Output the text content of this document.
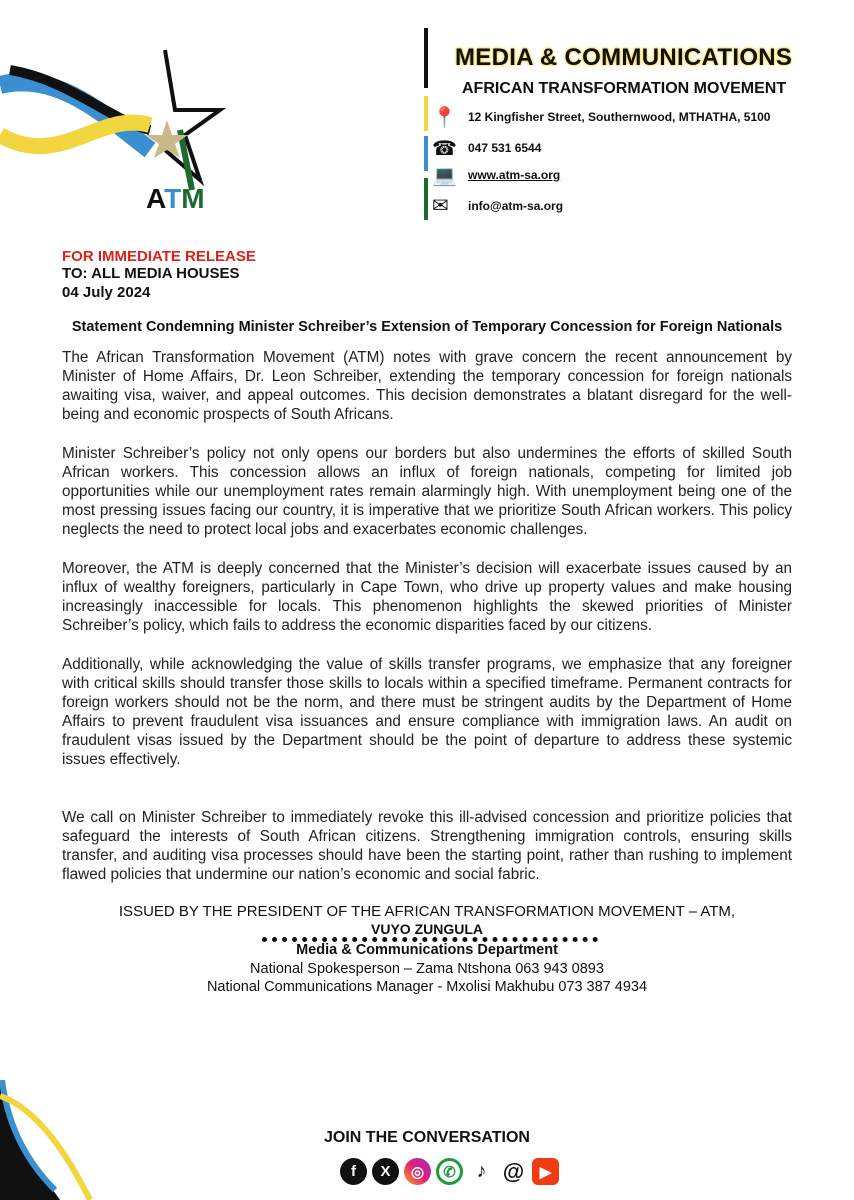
ATM
MEDIA & COMMUNICATIONS
AFRICAN TRANSFORMATION MOVEMENT
📍 12 Kingfisher Street, Southernwood, MTHATHA, 5100
☎ 047 531 6544
💻 www.atm-sa.org
✉ info@atm-sa.org
FOR IMMEDIATE RELEASE
TO: ALL MEDIA HOUSES
04 July 2024
Statement Condemning Minister Schreiber’s Extension of Temporary Concession for Foreign Nationals

The African Transformation Movement (ATM) notes with grave concern the recent announcement by Minister of Home Affairs, Dr. Leon Schreiber, extending the temporary concession for foreign nationals awaiting visa, waiver, and appeal outcomes. This decision demonstrates a blatant disregard for the well-being and economic prospects of South Africans.

Minister Schreiber’s policy not only opens our borders but also undermines the efforts of skilled South African workers. This concession allows an influx of foreign nationals, competing for limited job opportunities while our unemployment rates remain alarmingly high. With unemployment being one of the most pressing issues facing our country, it is imperative that we prioritize South African workers. This policy neglects the need to protect local jobs and exacerbates economic challenges.

Moreover, the ATM is deeply concerned that the Minister’s decision will exacerbate issues caused by an influx of wealthy foreigners, particularly in Cape Town, who drive up property values and make housing increasingly inaccessible for locals. This phenomenon highlights the skewed priorities of Minister Schreiber’s policy, which fails to address the economic disparities faced by our citizens.

Additionally, while acknowledging the value of skills transfer programs, we emphasize that any foreigner with critical skills should transfer those skills to locals within a specified timeframe. Permanent contracts for foreign workers should not be the norm, and there must be stringent audits by the Department of Home Affairs to prevent fraudulent visa issuances and ensure compliance with immigration laws. An audit on fraudulent visas issued by the Department should be the point of departure to address these systemic issues effectively.

We call on Minister Schreiber to immediately revoke this ill-advised concession and prioritize policies that safeguard the interests of South African citizens. Strengthening immigration controls, ensuring skills transfer, and auditing visa processes should have been the starting point, rather than rushing to implement flawed policies that undermine our nation’s economic and social fabric.

ISSUED BY THE PRESIDENT OF THE AFRICAN TRANSFORMATION MOVEMENT – ATM,
VUYO ZUNGULA
Media & Communications Department
National Spokesperson – Zama Ntshona 063 943 0893
National Communications Manager - Mxolisi Makhubu 073 387 4934
JOIN THE CONVERSATION
f	X	◎	✆	♪ @	▶
